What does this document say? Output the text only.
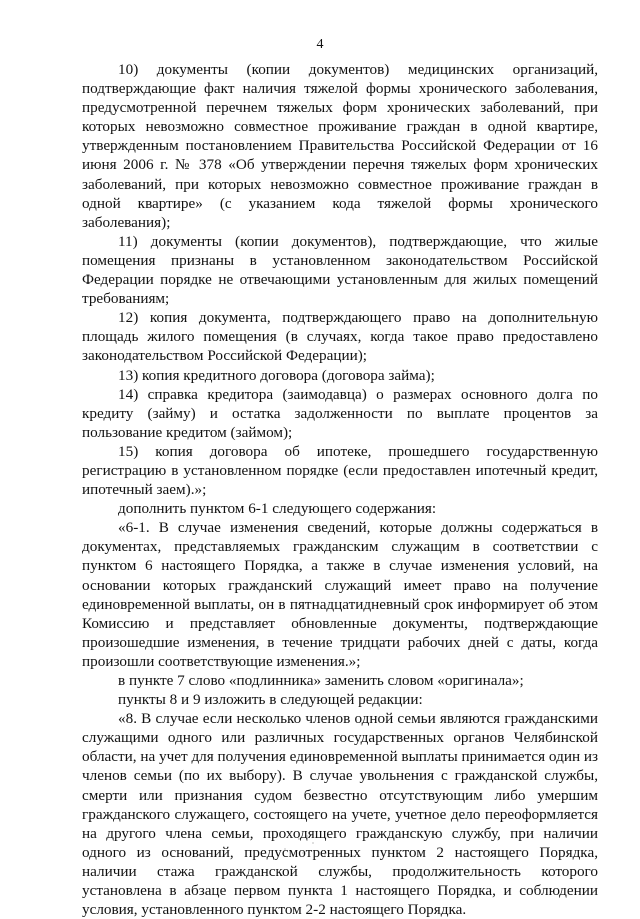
4

10) документы (копии документов) медицинских организаций, подтверждающие факт наличия тяжелой формы хронического заболевания, предусмотренной перечнем тяжелых форм хронических заболеваний, при которых невозможно совместное проживание граждан в одной квартире, утвержденным постановлением Правительства Российской Федерации от 16 июня 2006 г. № 378 «Об утверждении перечня тяжелых форм хронических заболеваний, при которых невозможно совместное проживание граждан в одной квартире» (с указанием кода тяжелой формы хронического заболевания);

11) документы (копии документов), подтверждающие, что жилые помещения признаны в установленном законодательством Российской Федерации порядке не отвечающими установленным для жилых помещений требованиям;

12) копия документа, подтверждающего право на дополнительную площадь жилого помещения (в случаях, когда такое право предоставлено законодательством Российской Федерации);

13) копия кредитного договора (договора займа);

14) справка кредитора (заимодавца) о размерах основного долга по кредиту (займу) и остатка задолженности по выплате процентов за пользование кредитом (займом);

15) копия договора об ипотеке, прошедшего государственную регистрацию в установленном порядке (если предоставлен ипотечный кредит, ипотечный заем).»;

дополнить пунктом 6-1 следующего содержания:

«6-1. В случае изменения сведений, которые должны содержаться в документах, представляемых гражданским служащим в соответствии с пунктом 6 настоящего Порядка, а также в случае изменения условий, на основании которых гражданский служащий имеет право на получение единовременной выплаты, он в пятнадцатидневный срок информирует об этом Комиссию и представляет обновленные документы, подтверждающие произошедшие изменения, в течение тридцати рабочих дней с даты, когда произошли соответствующие изменения.»;

в пункте 7 слово «подлинника» заменить словом «оригинала»;

пункты 8 и 9 изложить в следующей редакции:

«8. В случае если несколько членов одной семьи являются гражданскими служащими одного или различных государственных органов Челябинской области, на учет для получения единовременной выплаты принимается один из членов семьи (по их выбору). В случае увольнения с гражданской службы, смерти или признания судом безвестно отсутствующим либо умершим гражданского служащего, состоящего на учете, учетное дело переоформляется на другого члена семьи, проходящего гражданскую службу, при наличии одного из оснований, предусмотренных пунктом 2 настоящего Порядка, наличии стажа гражданской службы, продолжительность которого установлена в абзаце первом пункта 1 настоящего Порядка, и соблюдении условия, установленного пунктом 2-2 настоящего Порядка.
